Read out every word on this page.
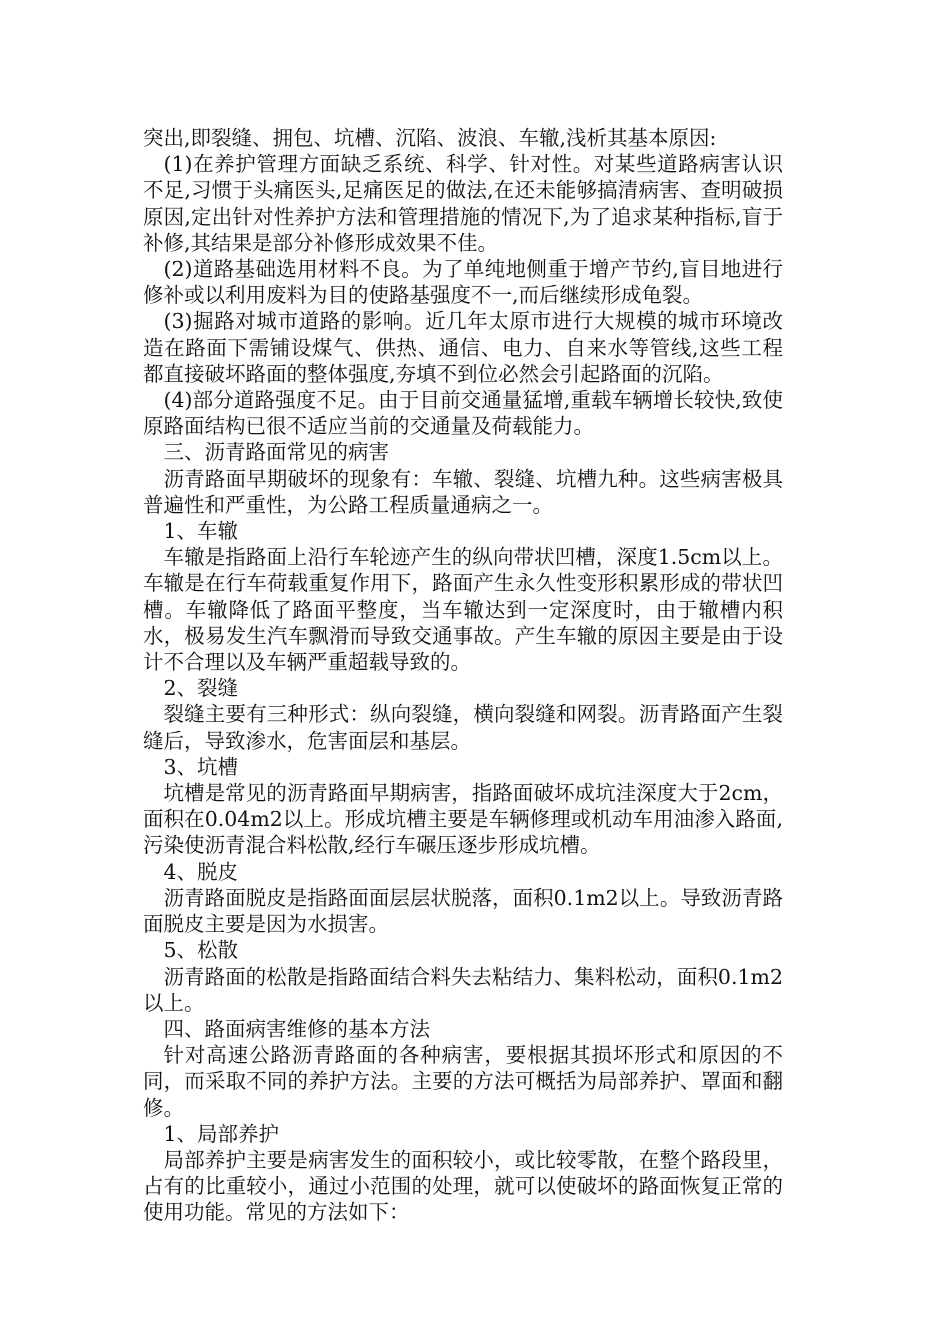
突出,即裂缝、拥包、坑槽、沉陷、波浪、车辙,浅析其基本原因:

(1)在养护管理方面缺乏系统、科学、针对性。对某些道路病害认识不足,习惯于头痛医头,足痛医足的做法,在还未能够搞清病害、查明破损原因,定出针对性养护方法和管理措施的情况下,为了追求某种指标,盲于补修,其结果是部分补修形成效果不佳。

(2)道路基础选用材料不良。为了单纯地侧重于增产节约,盲目地进行修补或以利用废料为目的使路基强度不一,而后继续形成龟裂。

(3)掘路对城市道路的影响。近几年太原市进行大规模的城市环境改造在路面下需铺设煤气、供热、通信、电力、自来水等管线,这些工程都直接破坏路面的整体强度,夯填不到位必然会引起路面的沉陷。

(4)部分道路强度不足。由于目前交通量猛增,重载车辆增长较快,致使原路面结构已很不适应当前的交通量及荷载能力。

三、沥青路面常见的病害

沥青路面早期破坏的现象有：车辙、裂缝、坑槽九种。这些病害极具普遍性和严重性，为公路工程质量通病之一。

1、车辙

车辙是指路面上沿行车轮迹产生的纵向带状凹槽，深度1.5cm以上。车辙是在行车荷载重复作用下，路面产生永久性变形积累形成的带状凹槽。车辙降低了路面平整度，当车辙达到一定深度时，由于辙槽内积水，极易发生汽车飘滑而导致交通事故。产生车辙的原因主要是由于设计不合理以及车辆严重超载导致的。

2、裂缝

裂缝主要有三种形式：纵向裂缝，横向裂缝和网裂。沥青路面产生裂缝后，导致渗水，危害面层和基层。

3、坑槽

坑槽是常见的沥青路面早期病害，指路面破坏成坑洼深度大于2cm，面积在0.04m2以上。形成坑槽主要是车辆修理或机动车用油渗入路面,污染使沥青混合料松散,经行车碾压逐步形成坑槽。

4、脱皮

沥青路面脱皮是指路面面层层状脱落，面积0.1m2以上。导致沥青路面脱皮主要是因为水损害。

5、松散

沥青路面的松散是指路面结合料失去粘结力、集料松动，面积0.1m2以上。

四、路面病害维修的基本方法

针对高速公路沥青路面的各种病害，要根据其损坏形式和原因的不同，而采取不同的养护方法。主要的方法可概括为局部养护、罩面和翻修。

1、局部养护

局部养护主要是病害发生的面积较小，或比较零散，在整个路段里，占有的比重较小，通过小范围的处理，就可以使破坏的路面恢复正常的使用功能。常见的方法如下：
